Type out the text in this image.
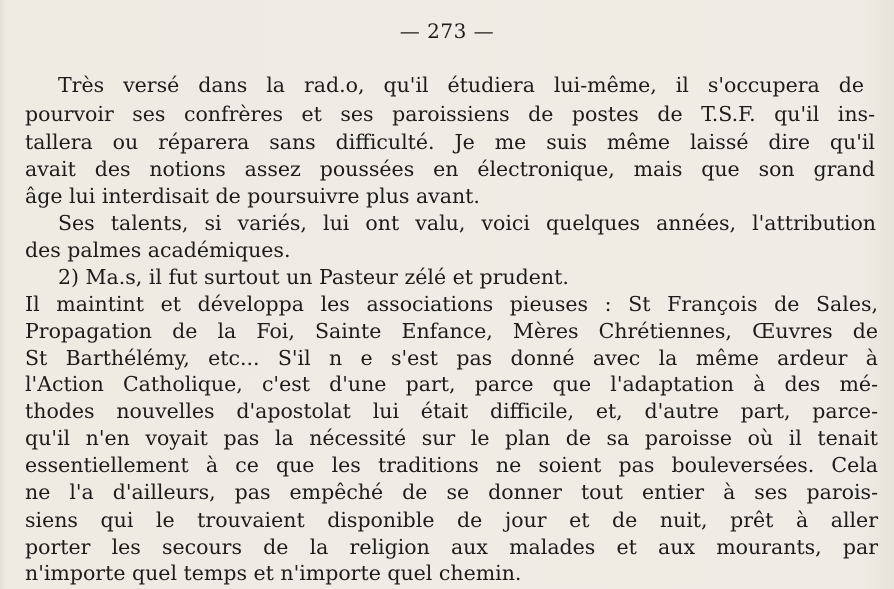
— 273 —
Très versé dans la rad.o, qu'il étudiera lui-même, il s'occupera de
pourvoir ses confrères et ses paroissiens de postes de T.S.F. qu'il ins-
tallera ou réparera sans difficulté. Je me suis même laissé dire qu'il
avait des notions assez poussées en électronique, mais que son grand
âge lui interdisait de poursuivre plus avant.
Ses talents, si variés, lui ont valu, voici quelques années, l'attribution
des palmes académiques.
2) Ma.s, il fut surtout un Pasteur zélé et prudent.
Il maintint et développa les associations pieuses : St François de Sales,
Propagation de la Foi, Sainte Enfance, Mères Chrétiennes, Œuvres de
St Barthélémy, etc... S'il n e s'est pas donné avec la même ardeur à
l'Action Catholique, c'est d'une part, parce que l'adaptation à des mé-
thodes nouvelles d'apostolat lui était difficile, et, d'autre part, parce-
qu'il n'en voyait pas la nécessité sur le plan de sa paroisse où il tenait
essentiellement à ce que les traditions ne soient pas bouleversées. Cela
ne l'a d'ailleurs, pas empêché de se donner tout entier à ses parois-
siens qui le trouvaient disponible de jour et de nuit, prêt à aller
porter les secours de la religion aux malades et aux mourants, par
n'importe quel temps et n'importe quel chemin.
